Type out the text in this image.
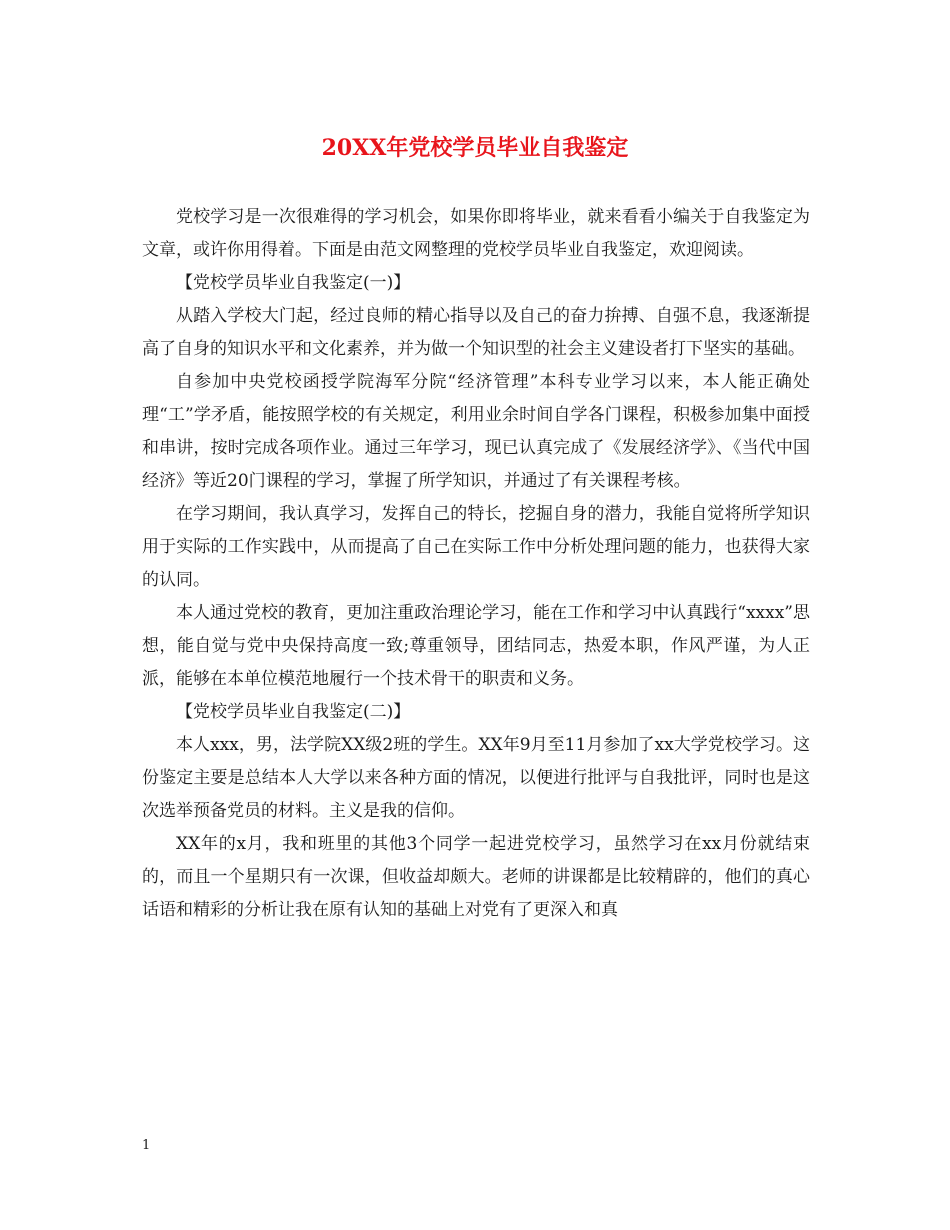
20XX年党校学员毕业自我鉴定

党校学习是一次很难得的学习机会，如果你即将毕业，就来看看小编关于自我鉴定为文章，或许你用得着。下面是由范文网整理的党校学员毕业自我鉴定，欢迎阅读。

【党校学员毕业自我鉴定(一)】

从踏入学校大门起，经过良师的精心指导以及自己的奋力拚搏、自强不息，我逐渐提高了自身的知识水平和文化素养，并为做一个知识型的社会主义建设者打下坚实的基础。

自参加中央党校函授学院海军分院“经济管理”本科专业学习以来，本人能正确处理“工”学矛盾，能按照学校的有关规定，利用业余时间自学各门课程，积极参加集中面授和串讲，按时完成各项作业。通过三年学习，现已认真完成了《发展经济学》、《当代中国经济》等近20门课程的学习，掌握了所学知识，并通过了有关课程考核。

在学习期间，我认真学习，发挥自己的特长，挖掘自身的潜力，我能自觉将所学知识用于实际的工作实践中，从而提高了自己在实际工作中分析处理问题的能力，也获得大家的认同。

本人通过党校的教育，更加注重政治理论学习，能在工作和学习中认真践行“xxxx”思想，能自觉与党中央保持高度一致;尊重领导，团结同志，热爱本职，作风严谨，为人正派，能够在本单位模范地履行一个技术骨干的职责和义务。

【党校学员毕业自我鉴定(二)】

本人xxx，男，法学院XX级2班的学生。XX年9月至11月参加了xx大学党校学习。这份鉴定主要是总结本人大学以来各种方面的情况，以便进行批评与自我批评，同时也是这次选举预备党员的材料。主义是我的信仰。

XX年的x月，我和班里的其他3个同学一起进党校学习，虽然学习在xx月份就结束的，而且一个星期只有一次课，但收益却颇大。老师的讲课都是比较精辟的，他们的真心话语和精彩的分析让我在原有认知的基础上对党有了更深入和真

1
